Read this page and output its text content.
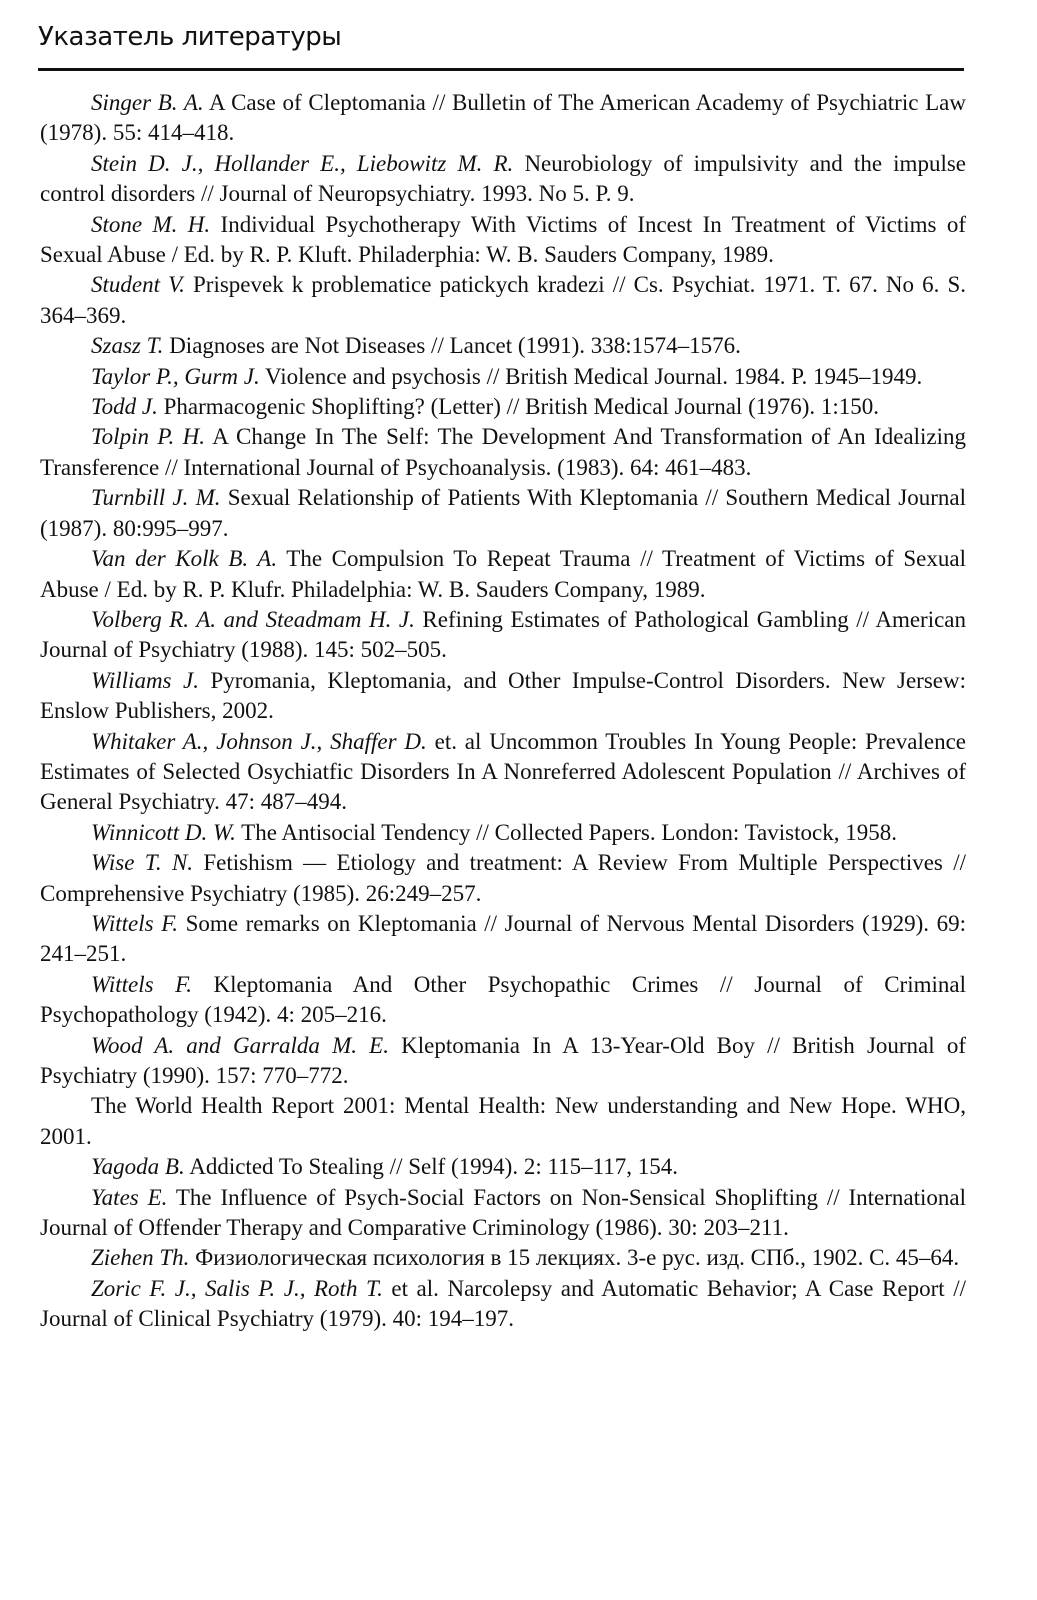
Указатель литературы

Singer B. A. A Case of Cleptomania // Bulletin of The American Academy of Psychiatric Law (1978). 55: 414–418.

Stein D. J., Hollander E., Liebowitz M. R. Neurobiology of impulsivity and the impulse control disorders // Journal of Neuropsychiatry. 1993. No 5. P. 9.

Stone M. H. Individual Psychotherapy With Victims of Incest In Treatment of Victims of Sexual Abuse / Ed. by R. P. Kluft. Philaderphia: W. B. Sauders Company, 1989.

Student V. Prispevek k problematice patickych kradezi // Cs. Psychiat. 1971. T. 67. No 6. S. 364–369.

Szasz T. Diagnoses are Not Diseases // Lancet (1991). 338:1574–1576.

Taylor P., Gurm J. Violence and psychosis // British Medical Journal. 1984. P. 1945–1949.

Todd J. Pharmacogenic Shoplifting? (Letter) // British Medical Journal (1976). 1:150.

Tolpin P. H. A Change In The Self: The Development And Transformation of An Idealizing Transference // International Journal of Psychoanalysis. (1983). 64: 461–483.

Turnbill J. M. Sexual Relationship of Patients With Kleptomania // Southern Medical Journal (1987). 80:995–997.

Van der Kolk B. A. The Compulsion To Repeat Trauma // Treatment of Victims of Sexual Abuse / Ed. by R. P. Klufr. Philadelphia: W. B. Sauders Company, 1989.

Volberg R. A. and Steadmam H. J. Refining Estimates of Pathological Gambling // American Journal of Psychiatry (1988). 145: 502–505.

Williams J. Pyromania, Kleptomania, and Other Impulse-Control Disorders. New Jersew: Enslow Publishers, 2002.

Whitaker A., Johnson J., Shaffer D. et. al Uncommon Troubles In Young People: Prevalence Estimates of Selected Osychiatfic Disorders In A Nonreferred Adolescent Population // Archives of General Psychiatry. 47: 487–494.

Winnicott D. W. The Antisocial Tendency // Collected Papers. London: Tavistock, 1958.

Wise T. N. Fetishism — Etiology and treatment: A Review From Multiple Perspectives // Comprehensive Psychiatry (1985). 26:249–257.

Wittels F. Some remarks on Kleptomania // Journal of Nervous Mental Disorders (1929). 69: 241–251.

Wittels F. Kleptomania And Other Psychopathic Crimes // Journal of Criminal Psychopathology (1942). 4: 205–216.

Wood A. and Garralda M. E. Kleptomania In A 13-Year-Old Boy // British Journal of Psychiatry (1990). 157: 770–772.

The World Health Report 2001: Mental Health: New understanding and New Hope. WHO, 2001.

Yagoda B. Addicted To Stealing // Self (1994). 2: 115–117, 154.

Yates E. The Influence of Psych-Social Factors on Non-Sensical Shoplifting // International Journal of Offender Therapy and Comparative Criminology (1986). 30: 203–211.

Ziehen Th. Физиологическая психология в 15 лекциях. 3-е рус. изд. СПб., 1902. С. 45–64.

Zoric F. J., Salis P. J., Roth T. et al. Narcolepsy and Automatic Behavior; A Case Report // Journal of Clinical Psychiatry (1979). 40: 194–197.
